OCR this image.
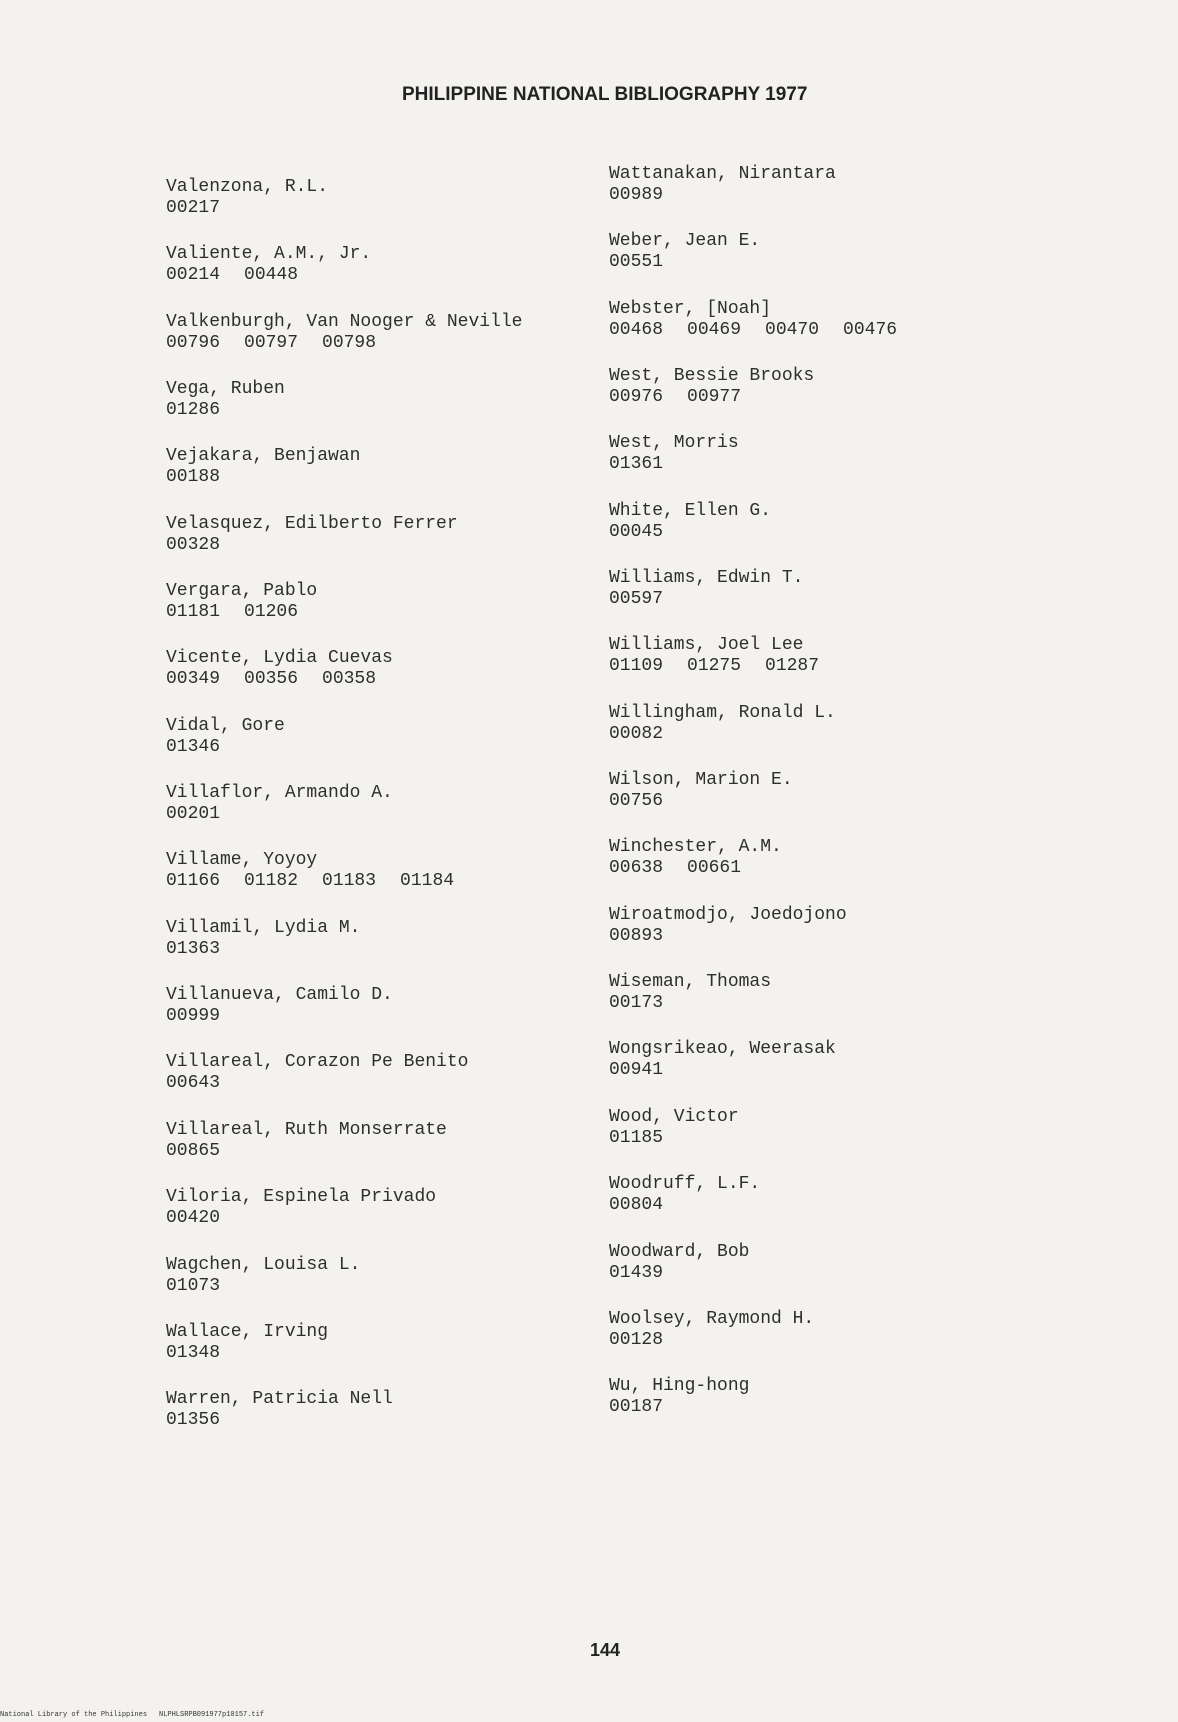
PHILIPPINE NATIONAL BIBLIOGRAPHY 1977
Valenzona, R.L.
00217
Valiente, A.M., Jr.
00214 00448
Valkenburgh, Van Nooger & Neville
00796 00797 00798
Vega, Ruben
01286
Vejakara, Benjawan
00188
Velasquez, Edilberto Ferrer
00328
Vergara, Pablo
01181 01206
Vicente, Lydia Cuevas
00349 00356 00358
Vidal, Gore
01346
Villaflor, Armando A.
00201
Villame, Yoyoy
01166 01182 01183 01184
Villamil, Lydia M.
01363
Villanueva, Camilo D.
00999
Villareal, Corazon Pe Benito
00643
Villareal, Ruth Monserrate
00865
Viloria, Espinela Privado
00420
Wagchen, Louisa L.
01073
Wallace, Irving
01348
Warren, Patricia Nell
01356
Wattanakan, Nirantara
00989
Weber, Jean E.
00551
Webster, [Noah]
00468 00469 00470 00476
West, Bessie Brooks
00976 00977
West, Morris
01361
White, Ellen G.
00045
Williams, Edwin T.
00597
Williams, Joel Lee
01109 01275 01287
Willingham, Ronald L.
00082
Wilson, Marion E.
00756
Winchester, A.M.
00638 00661
Wiroatmodjo, Joedojono
00893
Wiseman, Thomas
00173
Wongsrikeao, Weerasak
00941
Wood, Victor
01185
Woodruff, L.F.
00804
Woodward, Bob
01439
Woolsey, Raymond H.
00128
Wu, Hing-hong
00187
144
National Library of the Philippines NLPHLSRPB091977p10157.tif
